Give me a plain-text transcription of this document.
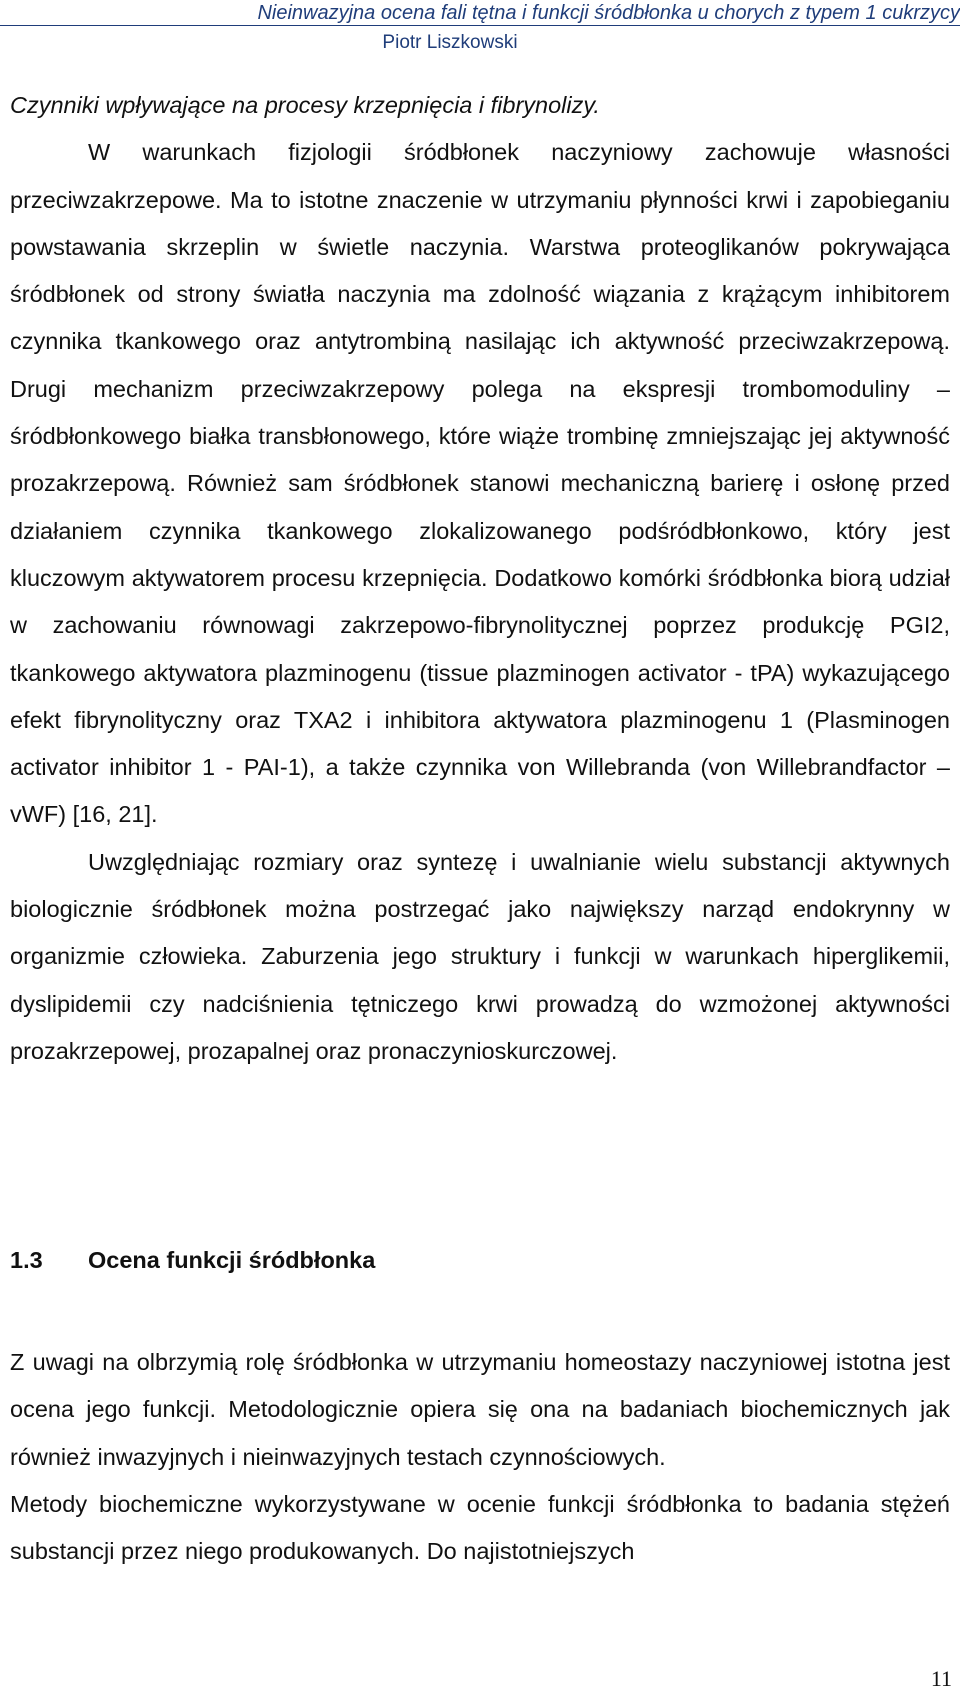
Nieinwazyjna ocena fali tętna i funkcji śródbłonka u chorych z typem 1 cukrzycy
Piotr Liszkowski

Czynniki wpływające na procesy krzepnięcia i fibrynolizy.

W warunkach fizjologii śródbłonek naczyniowy zachowuje własności przeciwzakrzepowe. Ma to istotne znaczenie w utrzymaniu płynności krwi i zapobieganiu powstawania skrzeplin w świetle naczynia. Warstwa proteoglikanów pokrywająca śródbłonek od strony światła naczynia ma zdolność wiązania z krążącym inhibitorem czynnika tkankowego oraz antytrombiną nasilając ich aktywność przeciwzakrzepową. Drugi mechanizm przeciwzakrzepowy polega na ekspresji trombomoduliny – śródbłonkowego białka transbłonowego, które wiąże trombinę zmniejszając jej aktywność prozakrzepową. Również sam śródbłonek stanowi mechaniczną barierę i osłonę przed działaniem czynnika tkankowego zlokalizowanego podśródbłonkowo, który jest kluczowym aktywatorem procesu krzepnięcia. Dodatkowo komórki śródbłonka biorą udział w zachowaniu równowagi zakrzepowo-fibrynolitycznej poprzez produkcję PGI2, tkankowego aktywatora plazminogenu (tissue plazminogen activator - tPA) wykazującego efekt fibrynolityczny oraz TXA2 i inhibitora aktywatora plazminogenu 1 (Plasminogen activator inhibitor 1 - PAI-1), a także czynnika von Willebranda (von Willebrandfactor – vWF) [16, 21].

Uwzględniając rozmiary oraz syntezę i uwalnianie wielu substancji aktywnych biologicznie śródbłonek można postrzegać jako największy narząd endokrynny w organizmie człowieka. Zaburzenia jego struktury i funkcji w warunkach hiperglikemii, dyslipidemii czy nadciśnienia tętniczego krwi prowadzą do wzmożonej aktywności prozakrzepowej, prozapalnej oraz pronaczynioskurczowej.

1.3 Ocena funkcji śródbłonka

Z uwagi na olbrzymią rolę śródbłonka w utrzymaniu homeostazy naczyniowej istotna jest ocena jego funkcji. Metodologicznie opiera się ona na badaniach biochemicznych jak również inwazyjnych i nieinwazyjnych testach czynnościowych.

Metody biochemiczne wykorzystywane w ocenie funkcji śródbłonka to badania stężeń substancji przez niego produkowanych. Do najistotniejszych

11
